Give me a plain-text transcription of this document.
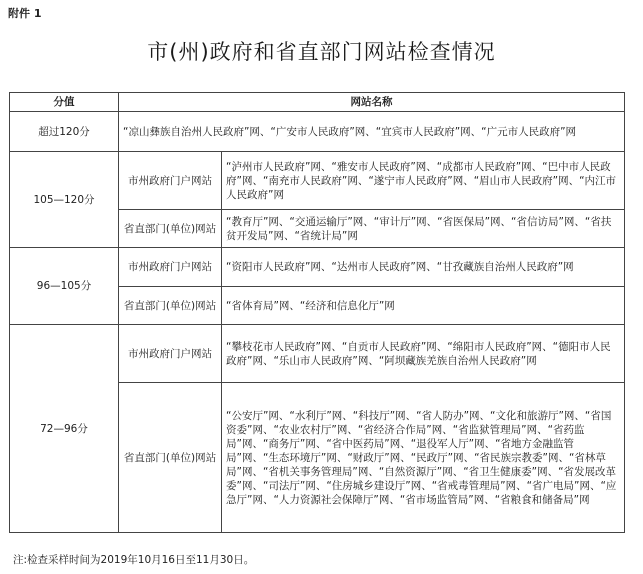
附件 1
市(州)政府和省直部门网站检查情况
分值	网站名称	
超过120分	“凉山彝族自治州人民政府”网、“广安市人民政府”网、“宜宾市人民政府”网、“广元市人民政府”网	
105—120分	市州政府门户网站	“泸州市人民政府”网、“雅安市人民政府”网、“成都市人民政府”网、“巴中市人民政府”网、“南充市人民政府”网、“遂宁市人民政府”网、“眉山市人民政府”网、“内江市人民政府”网
	省直部门(单位)网站	“教育厅”网、“交通运输厅”网、“审计厅”网、“省医保局”网、“省信访局”网、“省扶贫开发局”网、“省统计局”网
96—105分	市州政府门户网站	“资阳市人民政府”网、“达州市人民政府”网、“甘孜藏族自治州人民政府”网
	省直部门(单位)网站	“省体育局”网、“经济和信息化厅”网
72—96分	市州政府门户网站	“攀枝花市人民政府”网、“自贡市人民政府”网、“绵阳市人民政府”网、“德阳市人民政府”网、“乐山市人民政府”网、“阿坝藏族羌族自治州人民政府”网
	省直部门(单位)网站	“公安厅”网、“水利厅”网、“科技厅”网、“省人防办”网、“文化和旅游厅”网、“省国资委”网、“农业农村厅”网、“省经济合作局”网、“省监狱管理局”网、“省药监局”网、“商务厅”网、“省中医药局”网、“退役军人厅”网、“省地方金融监管局”网、“生态环境厅”网、“财政厅”网、“民政厅”网、“省民族宗教委”网、“省林草局”网、“省机关事务管理局”网、“自然资源厅”网、“省卫生健康委”网、“省发展改革委”网、“司法厅”网、“住房城乡建设厅”网、“省戒毒管理局”网、“省广电局”网、“应急厅”网、“人力资源社会保障厅”网、“省市场监管局”网、“省粮食和储备局”网
注:检查采样时间为2019年10月16日至11月30日。
